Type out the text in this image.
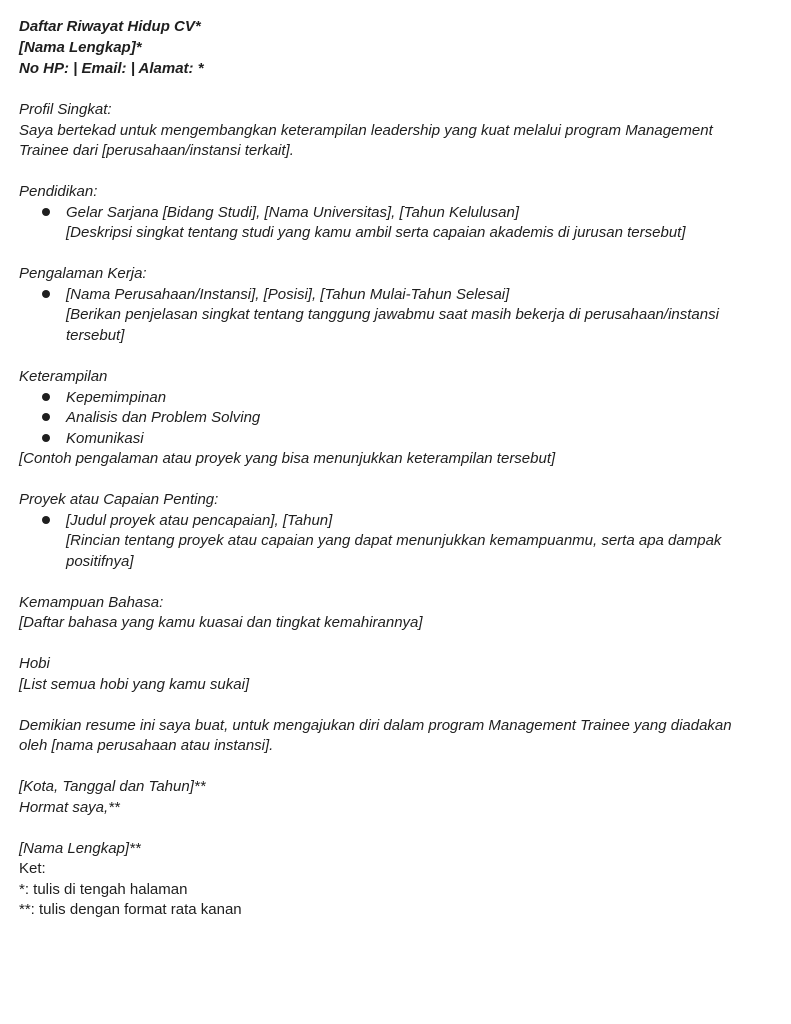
Daftar Riwayat Hidup CV*
[Nama Lengkap]*
No HP: | Email: | Alamat: *
Profil Singkat:
Saya bertekad untuk mengembangkan keterampilan leadership yang kuat melalui program Management
Trainee dari [perusahaan/instansi terkait].
Pendidikan:
Gelar Sarjana [Bidang Studi], [Nama Universitas], [Tahun Kelulusan]
[Deskripsi singkat tentang studi yang kamu ambil serta capaian akademis di jurusan tersebut]
Pengalaman Kerja:
[Nama Perusahaan/Instansi], [Posisi], [Tahun Mulai-Tahun Selesai]
[Berikan penjelasan singkat tentang tanggung jawabmu saat masih bekerja di perusahaan/instansi
tersebut]
Keterampilan
Kepemimpinan
Analisis dan Problem Solving
Komunikasi
[Contoh pengalaman atau proyek yang bisa menunjukkan keterampilan tersebut]
Proyek atau Capaian Penting:
[Judul proyek atau pencapaian], [Tahun]
[Rincian tentang proyek atau capaian yang dapat menunjukkan kemampuanmu, serta apa dampak
positifnya]
Kemampuan Bahasa:
[Daftar bahasa yang kamu kuasai dan tingkat kemahirannya]
Hobi
[List semua hobi yang kamu sukai]
Demikian resume ini saya buat, untuk mengajukan diri dalam program Management Trainee yang diadakan
oleh [nama perusahaan atau instansi].
[Kota, Tanggal dan Tahun]**
Hormat saya,**
[Nama Lengkap]**
Ket:
*: tulis di tengah halaman
**: tulis dengan format rata kanan
